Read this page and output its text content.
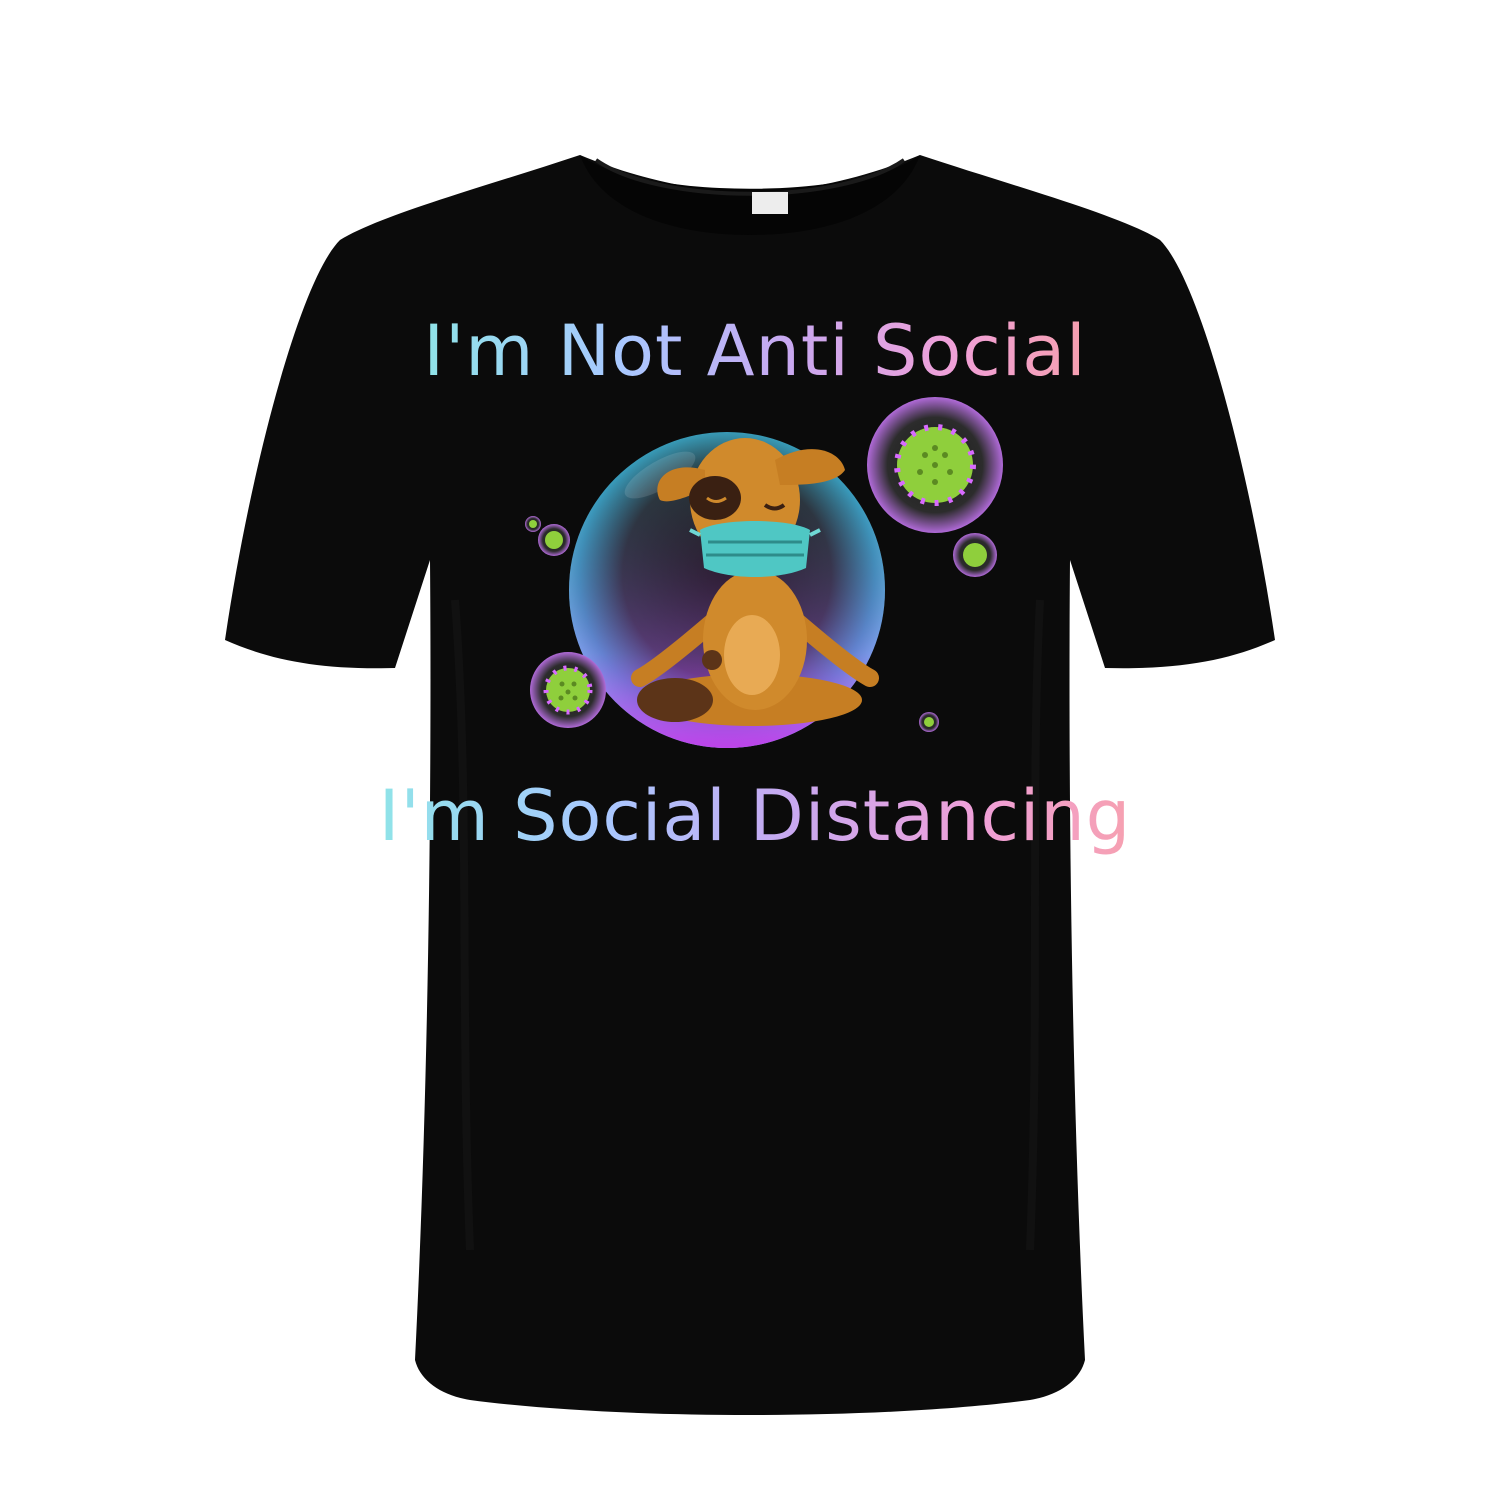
I'm Not Anti Social
I'm Social Distancing
